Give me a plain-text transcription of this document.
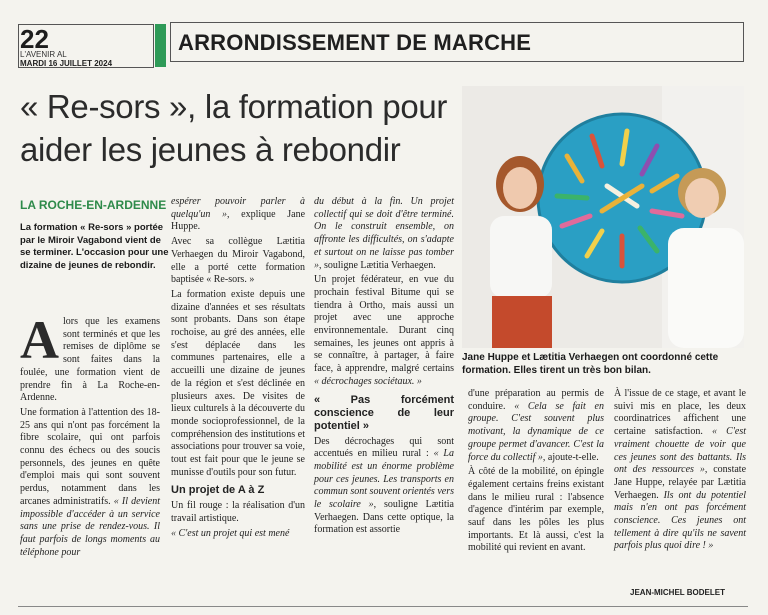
22
L'AVENIR AL
MARDI 16 JUILLET 2024
ARRONDISSEMENT DE MARCHE
« Re-sors », la formation pour aider les jeunes à rebondir
LA ROCHE-EN-ARDENNE
La formation « Re-sors » portée par le Miroir Vagabond vient de se terminer. L'occasion pour une dizaine de jeunes de rebondir.
A lors que les examens sont terminés et que les remises de diplôme se sont faites dans la foulée, une formation vient de prendre fin à La Roche-en-Ardenne.

Une formation à l'attention des 18-25 ans qui n'ont pas forcément la fibre scolaire, qui ont parfois connu des échecs ou des soucis personnels, des jeunes en quête d'emploi mais qui sont souvent perdus, notamment dans les arcanes administratifs. « Il devient impossible d'accéder à un service sans une prise de rendez-vous. Il faut parfois de longs moments au téléphone pour

espérer pouvoir parler à quelqu'un », explique Jane Huppe.

Avec sa collègue Lætitia Verhaegen du Miroir Vagabond, elle a porté cette formation baptisée « Re-sors. »

La formation existe depuis une dizaine d'années et ses résultats sont probants. Dans son étape rochoise, au gré des années, elle s'est déplacée dans les communes partenaires, elle a accueilli une dizaine de jeunes de la région et s'est déclinée en plusieurs axes. De visites de lieux culturels à la découverte du monde socioprofessionnel, de la compréhension des institutions et associations pour trouver sa voie, tout est fait pour que le jeune se munisse d'outils pour son futur.

Un projet de A à Z

Un fil rouge : la réalisation d'un travail artistique.

« C'est un projet qui est mené

du début à la fin. Un projet collectif qui se doit d'être terminé. On le construit ensemble, on affronte les difficultés, on s'adapte et surtout on ne laisse pas tomber », souligne Lætitia Verhaegen.

Un projet fédérateur, en vue du prochain festival Bitume qui se tiendra à Ortho, mais aussi un projet avec une approche environnementale. Durant cinq semaines, les jeunes ont appris à se connaître, à partager, à faire face, à apprendre, malgré certains « décrochages sociétaux. »

« Pas forcément conscience de leur potentiel »

Des décrochages qui sont accentués en milieu rural : « La mobilité est un énorme problème pour ces jeunes. Les transports en commun sont souvent orientés vers le scolaire », souligne Lætitia Verhaegen. Dans cette optique, la formation est assortie

Jane Huppe et Lætitia Verhaegen ont coordonné cette formation. Elles tirent un très bon bilan.

d'une préparation au permis de conduire. « Cela se fait en groupe. C'est souvent plus motivant, la dynamique de ce groupe permet d'avancer. C'est la force du collectif », ajoute-t-elle.

À côté de la mobilité, on épingle également certains freins existant dans le milieu rural : l'absence d'agence d'intérim par exemple, sauf dans les pôles les plus importants. Et là aussi, c'est la mobilité qui revient en avant.

À l'issue de ce stage, et avant le suivi mis en place, les deux coordinatrices affichent une certaine satisfaction. « C'est vraiment chouette de voir que ces jeunes sont des battants. Ils ont des ressources », constate Jane Huppe, relayée par Lætitia Verhaegen. Ils ont du potentiel mais n'en ont pas forcément conscience. Ces jeunes ont tellement à dire qu'ils ne savent parfois plus quoi dire ! »

JEAN-MICHEL BODELET
